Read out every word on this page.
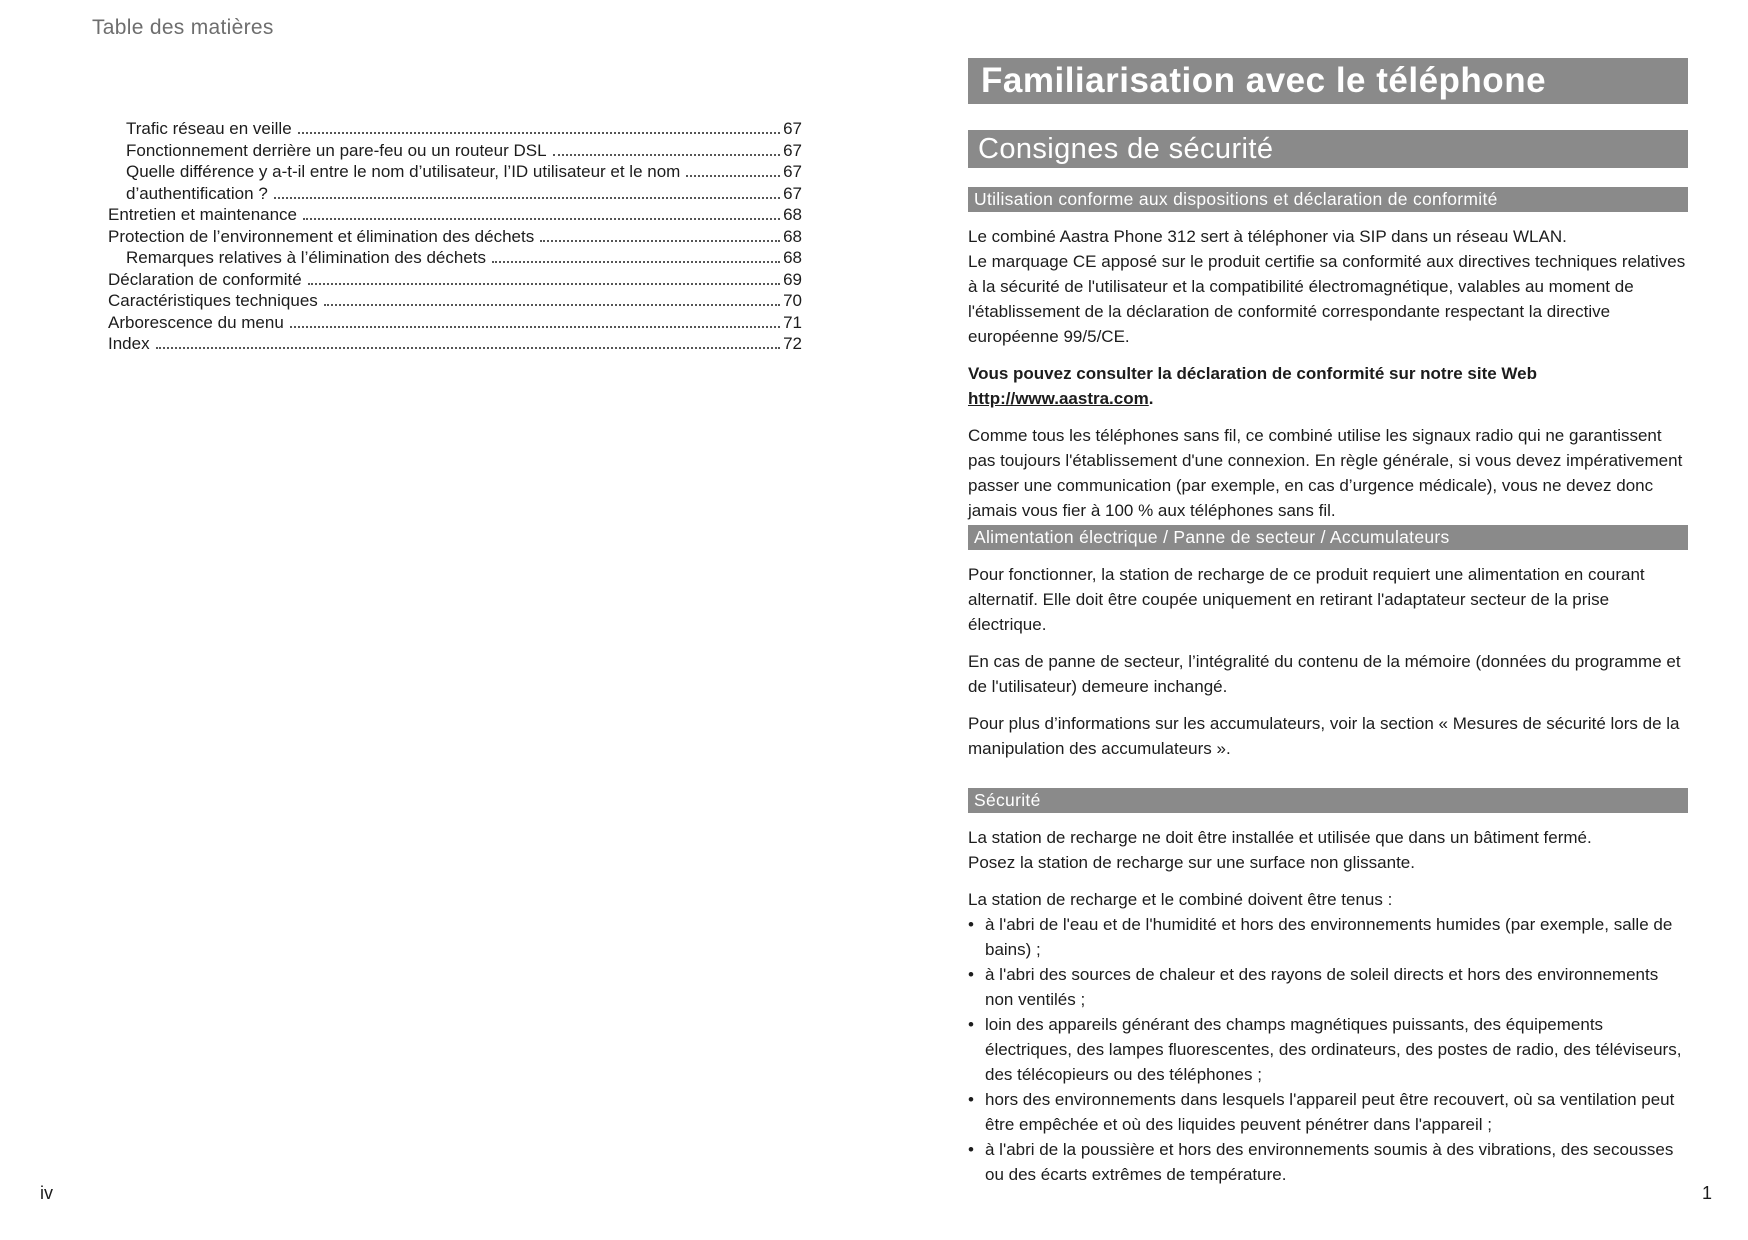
Table des matières
Trafic réseau en veille	67
Fonctionnement derrière un pare-feu ou un routeur DSL	67
Quelle différence y a-t-il entre le nom d’utilisateur, l’ID utilisateur et le nom	67
d’authentification ?	67
Entretien et maintenance	68
Protection de l’environnement et élimination des déchets	68
Remarques relatives à l’élimination des déchets	68
Déclaration de conformité	69
Caractéristiques techniques	70
Arborescence du menu	71
Index	72
iv
Familiarisation avec le téléphone
Consignes de sécurité
Utilisation conforme aux dispositions et déclaration de conformité

Le combiné Aastra Phone 312 sert à téléphoner via SIP dans un réseau WLAN.

Le marquage CE apposé sur le produit certifie sa conformité aux directives techniques relatives à la sécurité de l'utilisateur et la compatibilité électromagnétique, valables au moment de l'établissement de la déclaration de conformité correspondante respectant la directive européenne 99/5/CE.

Vous pouvez consulter la déclaration de conformité sur notre site Web http://www.aastra.com.

Comme tous les téléphones sans fil, ce combiné utilise les signaux radio qui ne garantissent pas toujours l'établissement d'une connexion. En règle générale, si vous devez impérativement passer une communication (par exemple, en cas d’urgence médicale), vous ne devez donc jamais vous fier à 100 % aux téléphones sans fil.

Alimentation électrique / Panne de secteur / Accumulateurs

Pour fonctionner, la station de recharge de ce produit requiert une alimentation en courant alternatif. Elle doit être coupée uniquement en retirant l'adaptateur secteur de la prise électrique.

En cas de panne de secteur, l’intégralité du contenu de la mémoire (données du programme et de l'utilisateur) demeure inchangé.

Pour plus d’informations sur les accumulateurs, voir la section « Mesures de sécurité lors de la manipulation des accumulateurs ».

Sécurité

La station de recharge ne doit être installée et utilisée que dans un bâtiment fermé.

Posez la station de recharge sur une surface non glissante.

La station de recharge et le combiné doivent être tenus :

• à l'abri de l'eau et de l'humidité et hors des environnements humides (par exemple, salle de bains) ;
• à l'abri des sources de chaleur et des rayons de soleil directs et hors des environnements non ventilés ;
• loin des appareils générant des champs magnétiques puissants, des équipements électriques, des lampes fluorescentes, des ordinateurs, des postes de radio, des téléviseurs, des télécopieurs ou des téléphones ;
• hors des environnements dans lesquels l'appareil peut être recouvert, où sa ventilation peut être empêchée et où des liquides peuvent pénétrer dans l'appareil ;
• à l'abri de la poussière et hors des environnements soumis à des vibrations, des secousses ou des écarts extrêmes de température.
1
